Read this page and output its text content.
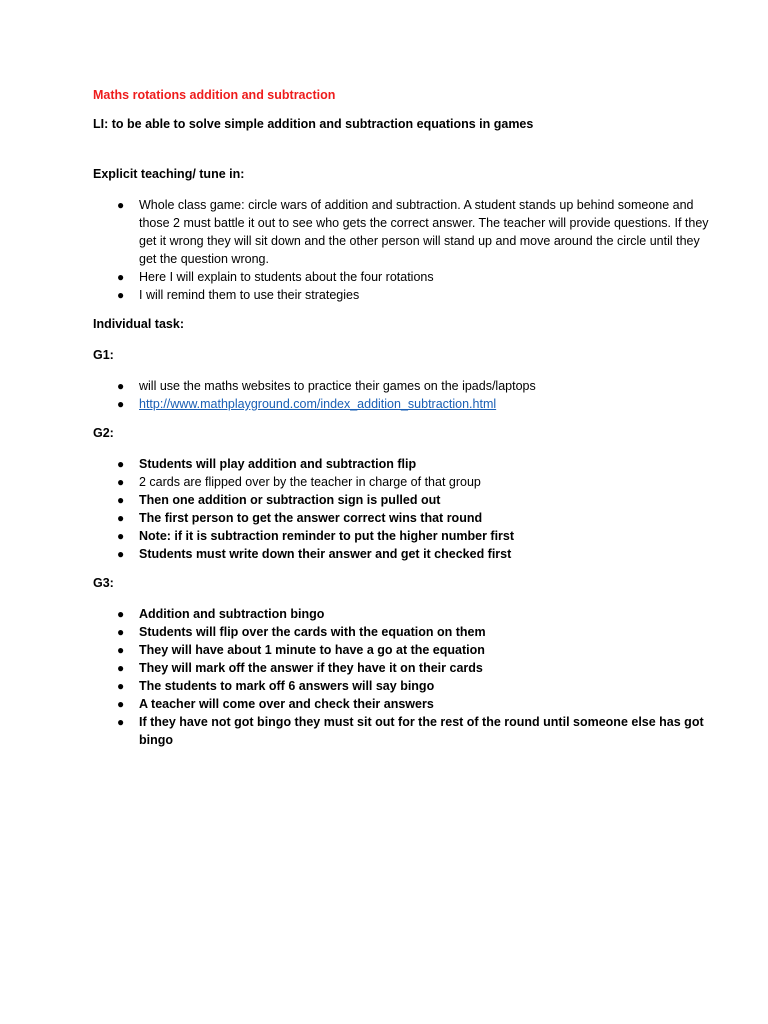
Maths rotations addition and subtraction

LI: to be able to solve simple addition and subtraction equations in games

Explicit teaching/ tune in:

● Whole class game: circle wars of addition and subtraction. A student stands up behind someone and those 2 must battle it out to see who gets the correct answer. The teacher will provide questions. If they get it wrong they will sit down and the other person will stand up and move around the circle until they get the question wrong.
● Here I will explain to students about the four rotations
● I will remind them to use their strategies

Individual task:

G1:

● will use the maths websites to practice their games on the ipads/laptops
● http://www.mathplayground.com/index_addition_subtraction.html

G2:

● Students will play addition and subtraction flip
● 2 cards are flipped over by the teacher in charge of that group
● Then one addition or subtraction sign is pulled out
● The first person to get the answer correct wins that round
● Note: if it is subtraction reminder to put the higher number first
● Students must write down their answer and get it checked first

G3:

● Addition and subtraction bingo
● Students will flip over the cards with the equation on them
● They will have about 1 minute to have a go at the equation
● They will mark off the answer if they have it on their cards
● The students to mark off 6 answers will say bingo
● A teacher will come over and check their answers
● If they have not got bingo they must sit out for the rest of the round until someone else has got bingo
